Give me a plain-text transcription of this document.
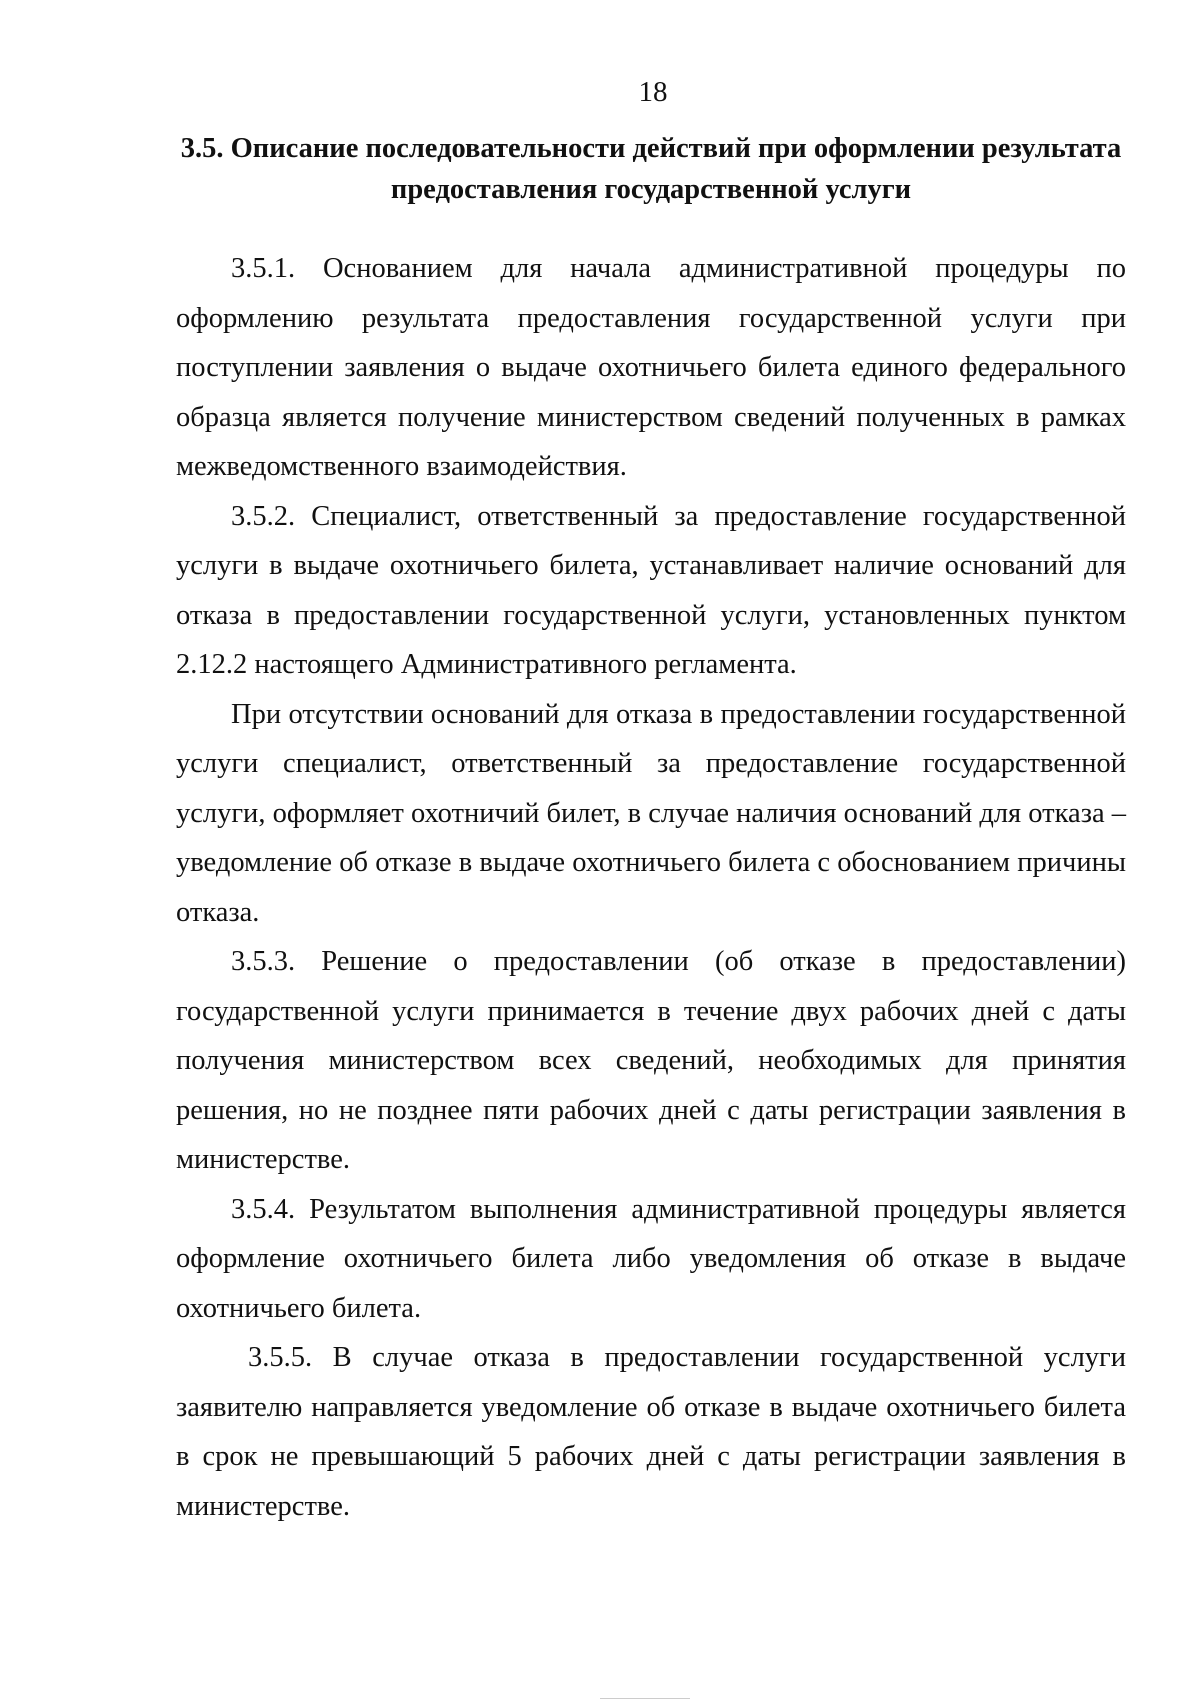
18
3.5. Описание последовательности действий при оформлении результата предоставления государственной услуги

3.5.1. Основанием для начала административной процедуры по оформлению результата предоставления государственной услуги при поступлении заявления о выдаче охотничьего билета единого федерального образца является получение министерством сведений полученных в рамках межведомственного взаимодействия.

3.5.2. Специалист, ответственный за предоставление государственной услуги в выдаче охотничьего билета, устанавливает наличие оснований для отказа в предоставлении государственной услуги, установленных пунктом 2.12.2 настоящего Административного регламента.

При отсутствии оснований для отказа в предоставлении государственной услуги специалист, ответственный за предоставление государственной услуги, оформляет охотничий билет, в случае наличия оснований для отказа – уведомление об отказе в выдаче охотничьего билета с обоснованием причины отказа.

3.5.3. Решение о предоставлении (об отказе в предоставлении) государственной услуги принимается в течение двух рабочих дней с даты получения министерством всех сведений, необходимых для принятия решения, но не позднее пяти рабочих дней с даты регистрации заявления в министерстве.

3.5.4. Результатом выполнения административной процедуры является оформление охотничьего билета либо уведомления об отказе в выдаче охотничьего билета.

3.5.5. В случае отказа в предоставлении государственной услуги заявителю направляется уведомление об отказе в выдаче охотничьего билета в срок не превышающий 5 рабочих дней с даты регистрации заявления в министерстве.
